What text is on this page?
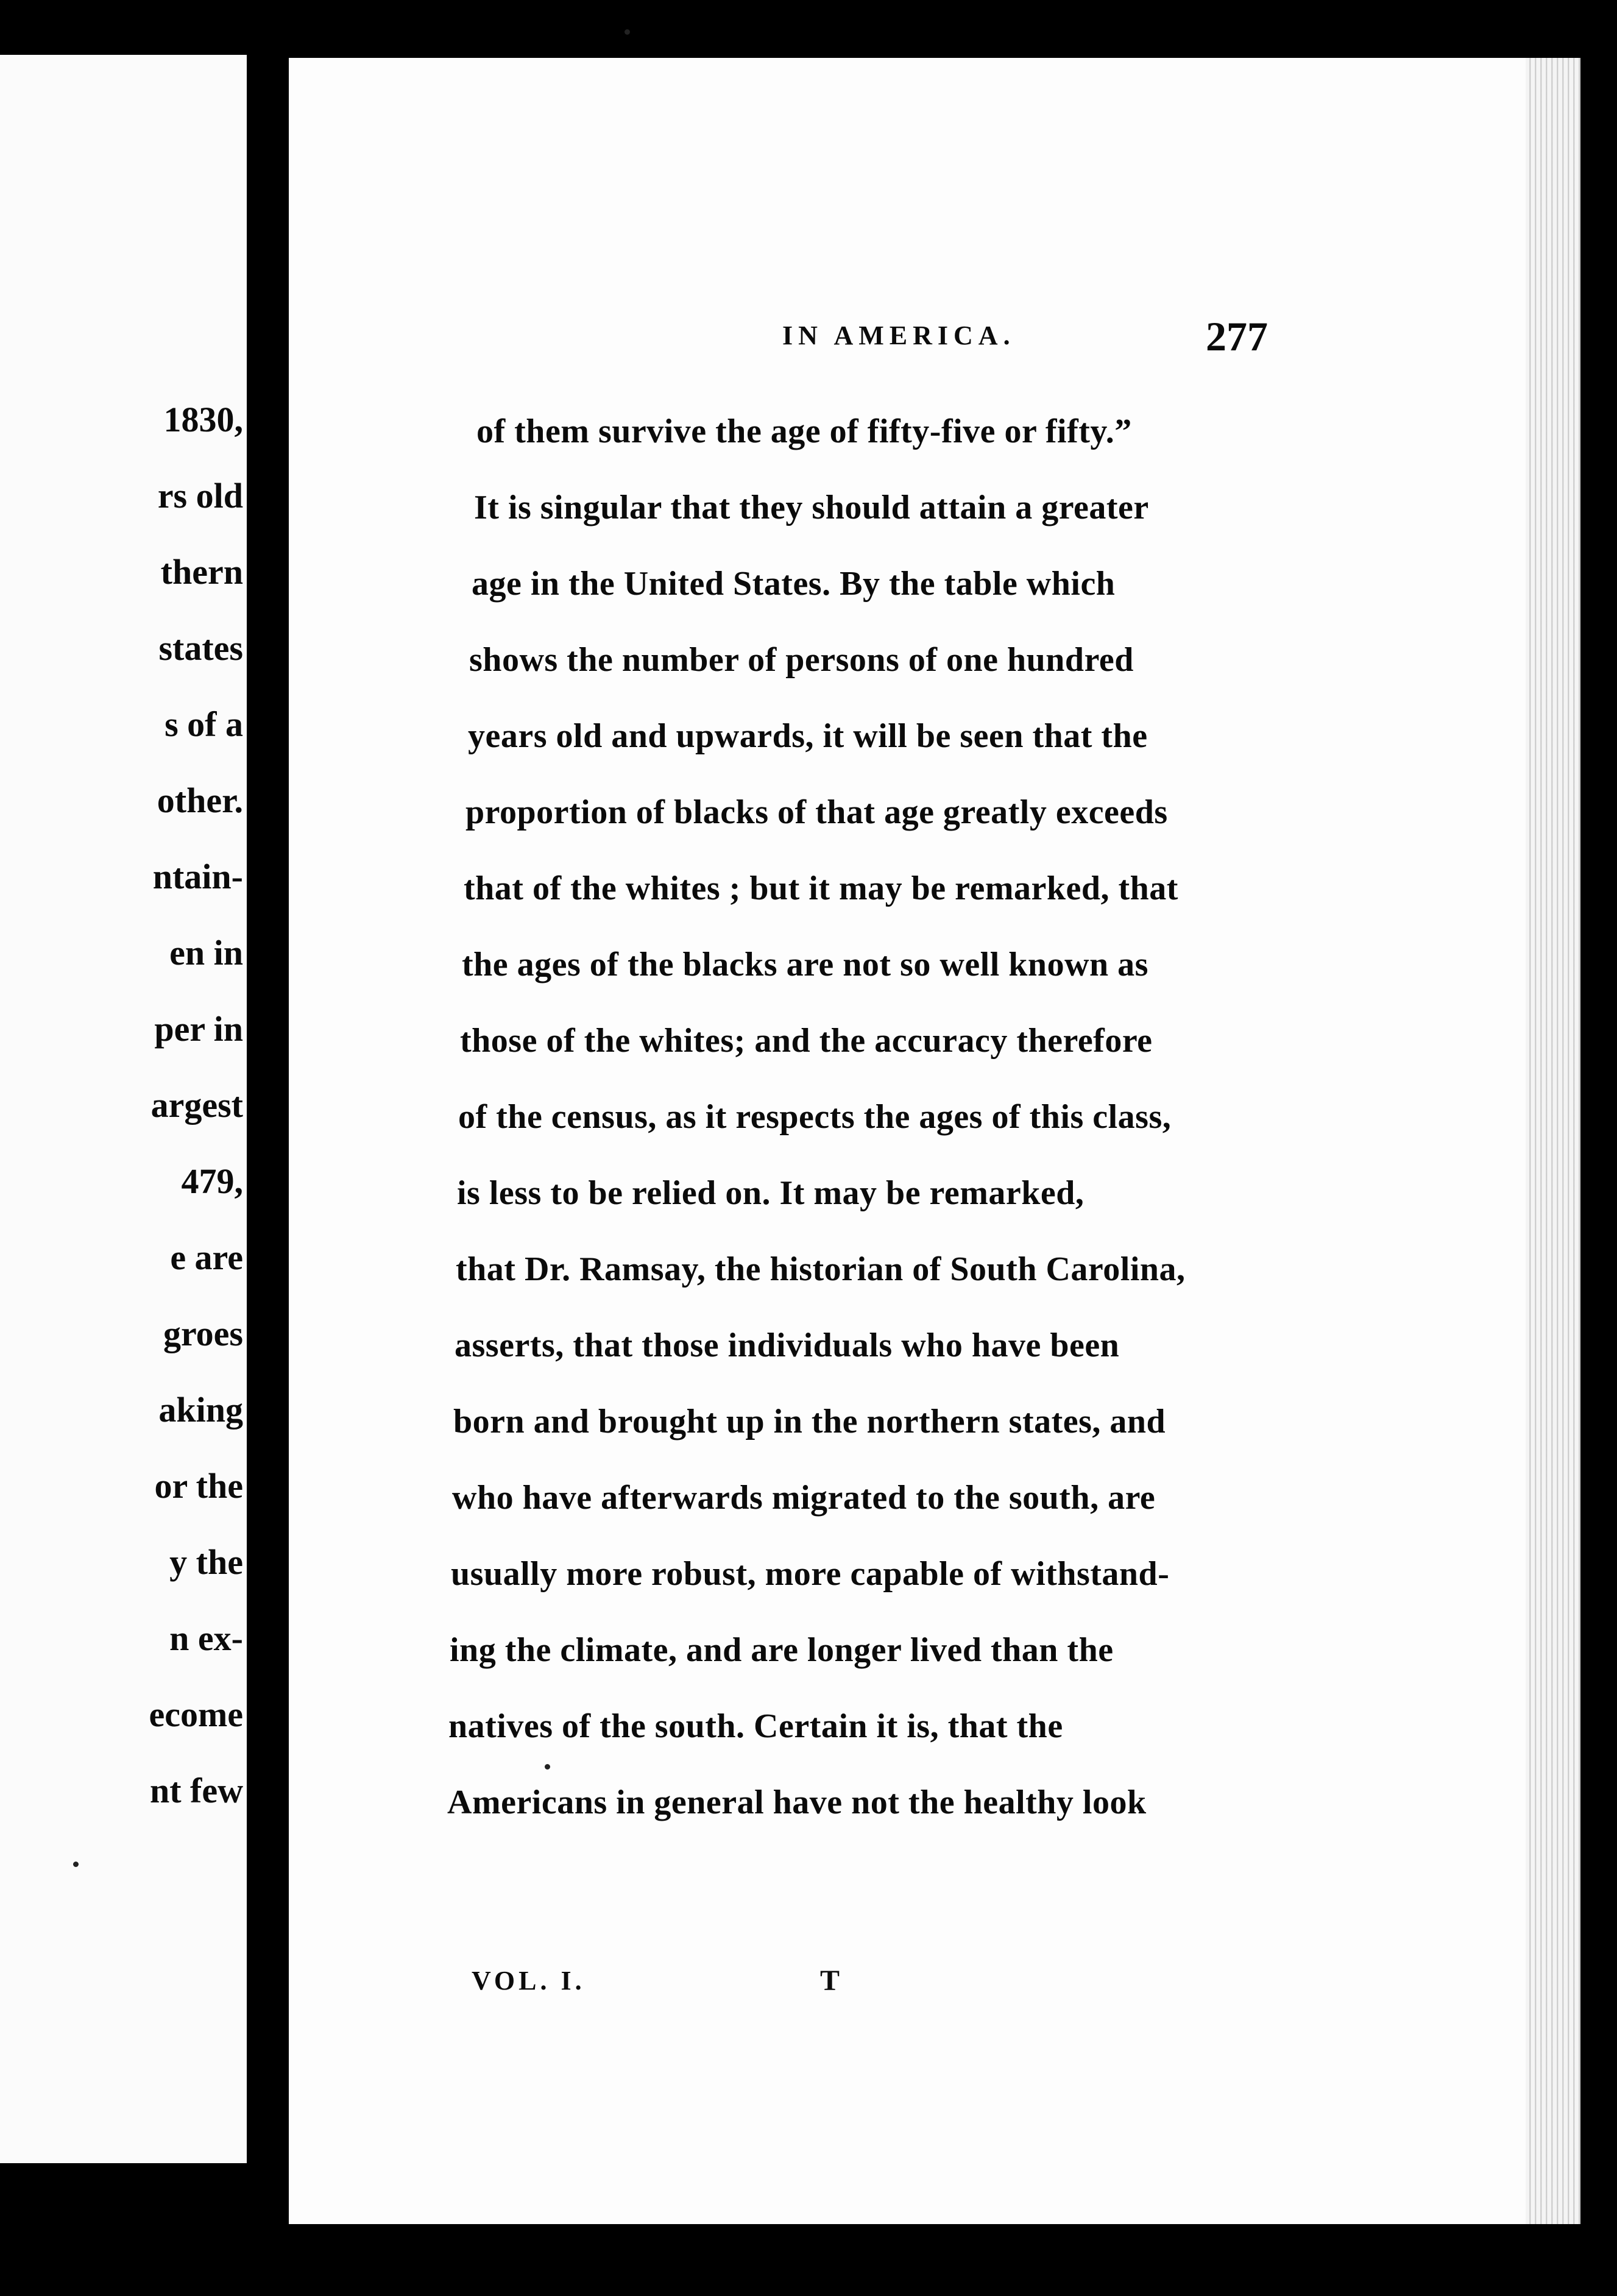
1830,
rs old
thern
states
s of a
other.
ntain-
en in
per in
argest
479,
e are
groes
aking
or the
y the
n ex-
ecome
nt few
IN AMERICA.	277
of them survive the age of fifty-five or fifty.”
It is singular that they should attain a greater
age in the United States. By the table which
shows the number of persons of one hundred
years old and upwards, it will be seen that the
proportion of blacks of that age greatly exceeds
that of the whites ; but it may be remarked, that
the ages of the blacks are not so well known as
those of the whites; and the accuracy therefore
of the census, as it respects the ages of this class,
is less to be relied on. It may be remarked,
that Dr. Ramsay, the historian of South Carolina,
asserts, that those individuals who have been
born and brought up in the northern states, and
who have afterwards migrated to the south, are
usually more robust, more capable of withstand-
ing the climate, and are longer lived than the
natives of the south. Certain it is, that the
Americans in general have not the healthy look
VOL. I.	T
